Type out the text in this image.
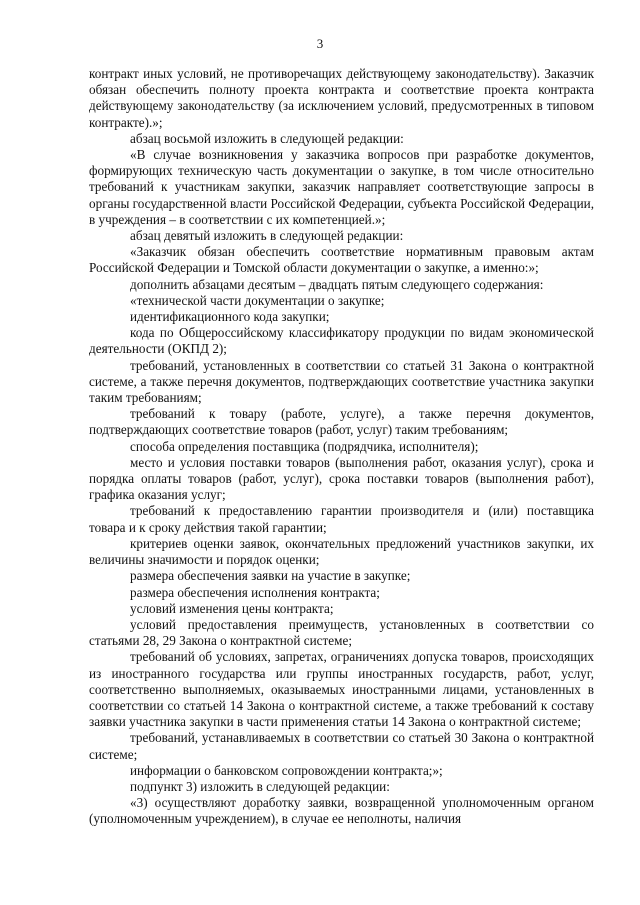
3

контракт иных условий, не противоречащих действующему законодательству). Заказчик обязан обеспечить полноту проекта контракта и соответствие проекта контракта действующему законодательству (за исключением условий, предусмотренных в типовом контракте).»;

абзац восьмой изложить в следующей редакции:

«В случае возникновения у заказчика вопросов при разработке документов, формирующих техническую часть документации о закупке, в том числе относительно требований к участникам закупки, заказчик направляет соответствующие запросы в органы государственной власти Российской Федерации, субъекта Российской Федерации, в учреждения – в соответствии с их компетенцией.»;

абзац девятый изложить в следующей редакции:

«Заказчик обязан обеспечить соответствие нормативным правовым актам Российской Федерации и Томской области документации о закупке, а именно:»;

дополнить абзацами десятым – двадцать пятым следующего содержания:

«технической части документации о закупке;

идентификационного кода закупки;

кода по Общероссийскому классификатору продукции по видам экономической деятельности (ОКПД 2);

требований, установленных в соответствии со статьей 31 Закона о контрактной системе, а также перечня документов, подтверждающих соответствие участника закупки таким требованиям;

требований к товару (работе, услуге), а также перечня документов, подтверждающих соответствие товаров (работ, услуг) таким требованиям;

способа определения поставщика (подрядчика, исполнителя);

место и условия поставки товаров (выполнения работ, оказания услуг), срока и порядка оплаты товаров (работ, услуг), срока поставки товаров (выполнения работ), графика оказания услуг;

требований к предоставлению гарантии производителя и (или) поставщика товара и к сроку действия такой гарантии;

критериев оценки заявок, окончательных предложений участников закупки, их величины значимости и порядок оценки;

размера обеспечения заявки на участие в закупке;

размера обеспечения исполнения контракта;

условий изменения цены контракта;

условий предоставления преимуществ, установленных в соответствии со статьями 28, 29 Закона о контрактной системе;

требований об условиях, запретах, ограничениях допуска товаров, происходящих из иностранного государства или группы иностранных государств, работ, услуг, соответственно выполняемых, оказываемых иностранными лицами, установленных в соответствии со статьей 14 Закона о контрактной системе, а также требований к составу заявки участника закупки в части применения статьи 14 Закона о контрактной системе;

требований, устанавливаемых в соответствии со статьей 30 Закона о контрактной системе;

информации о банковском сопровождении контракта;»;

подпункт 3) изложить в следующей редакции:

«3) осуществляют доработку заявки, возвращенной уполномоченным органом (уполномоченным учреждением), в случае ее неполноты, наличия
